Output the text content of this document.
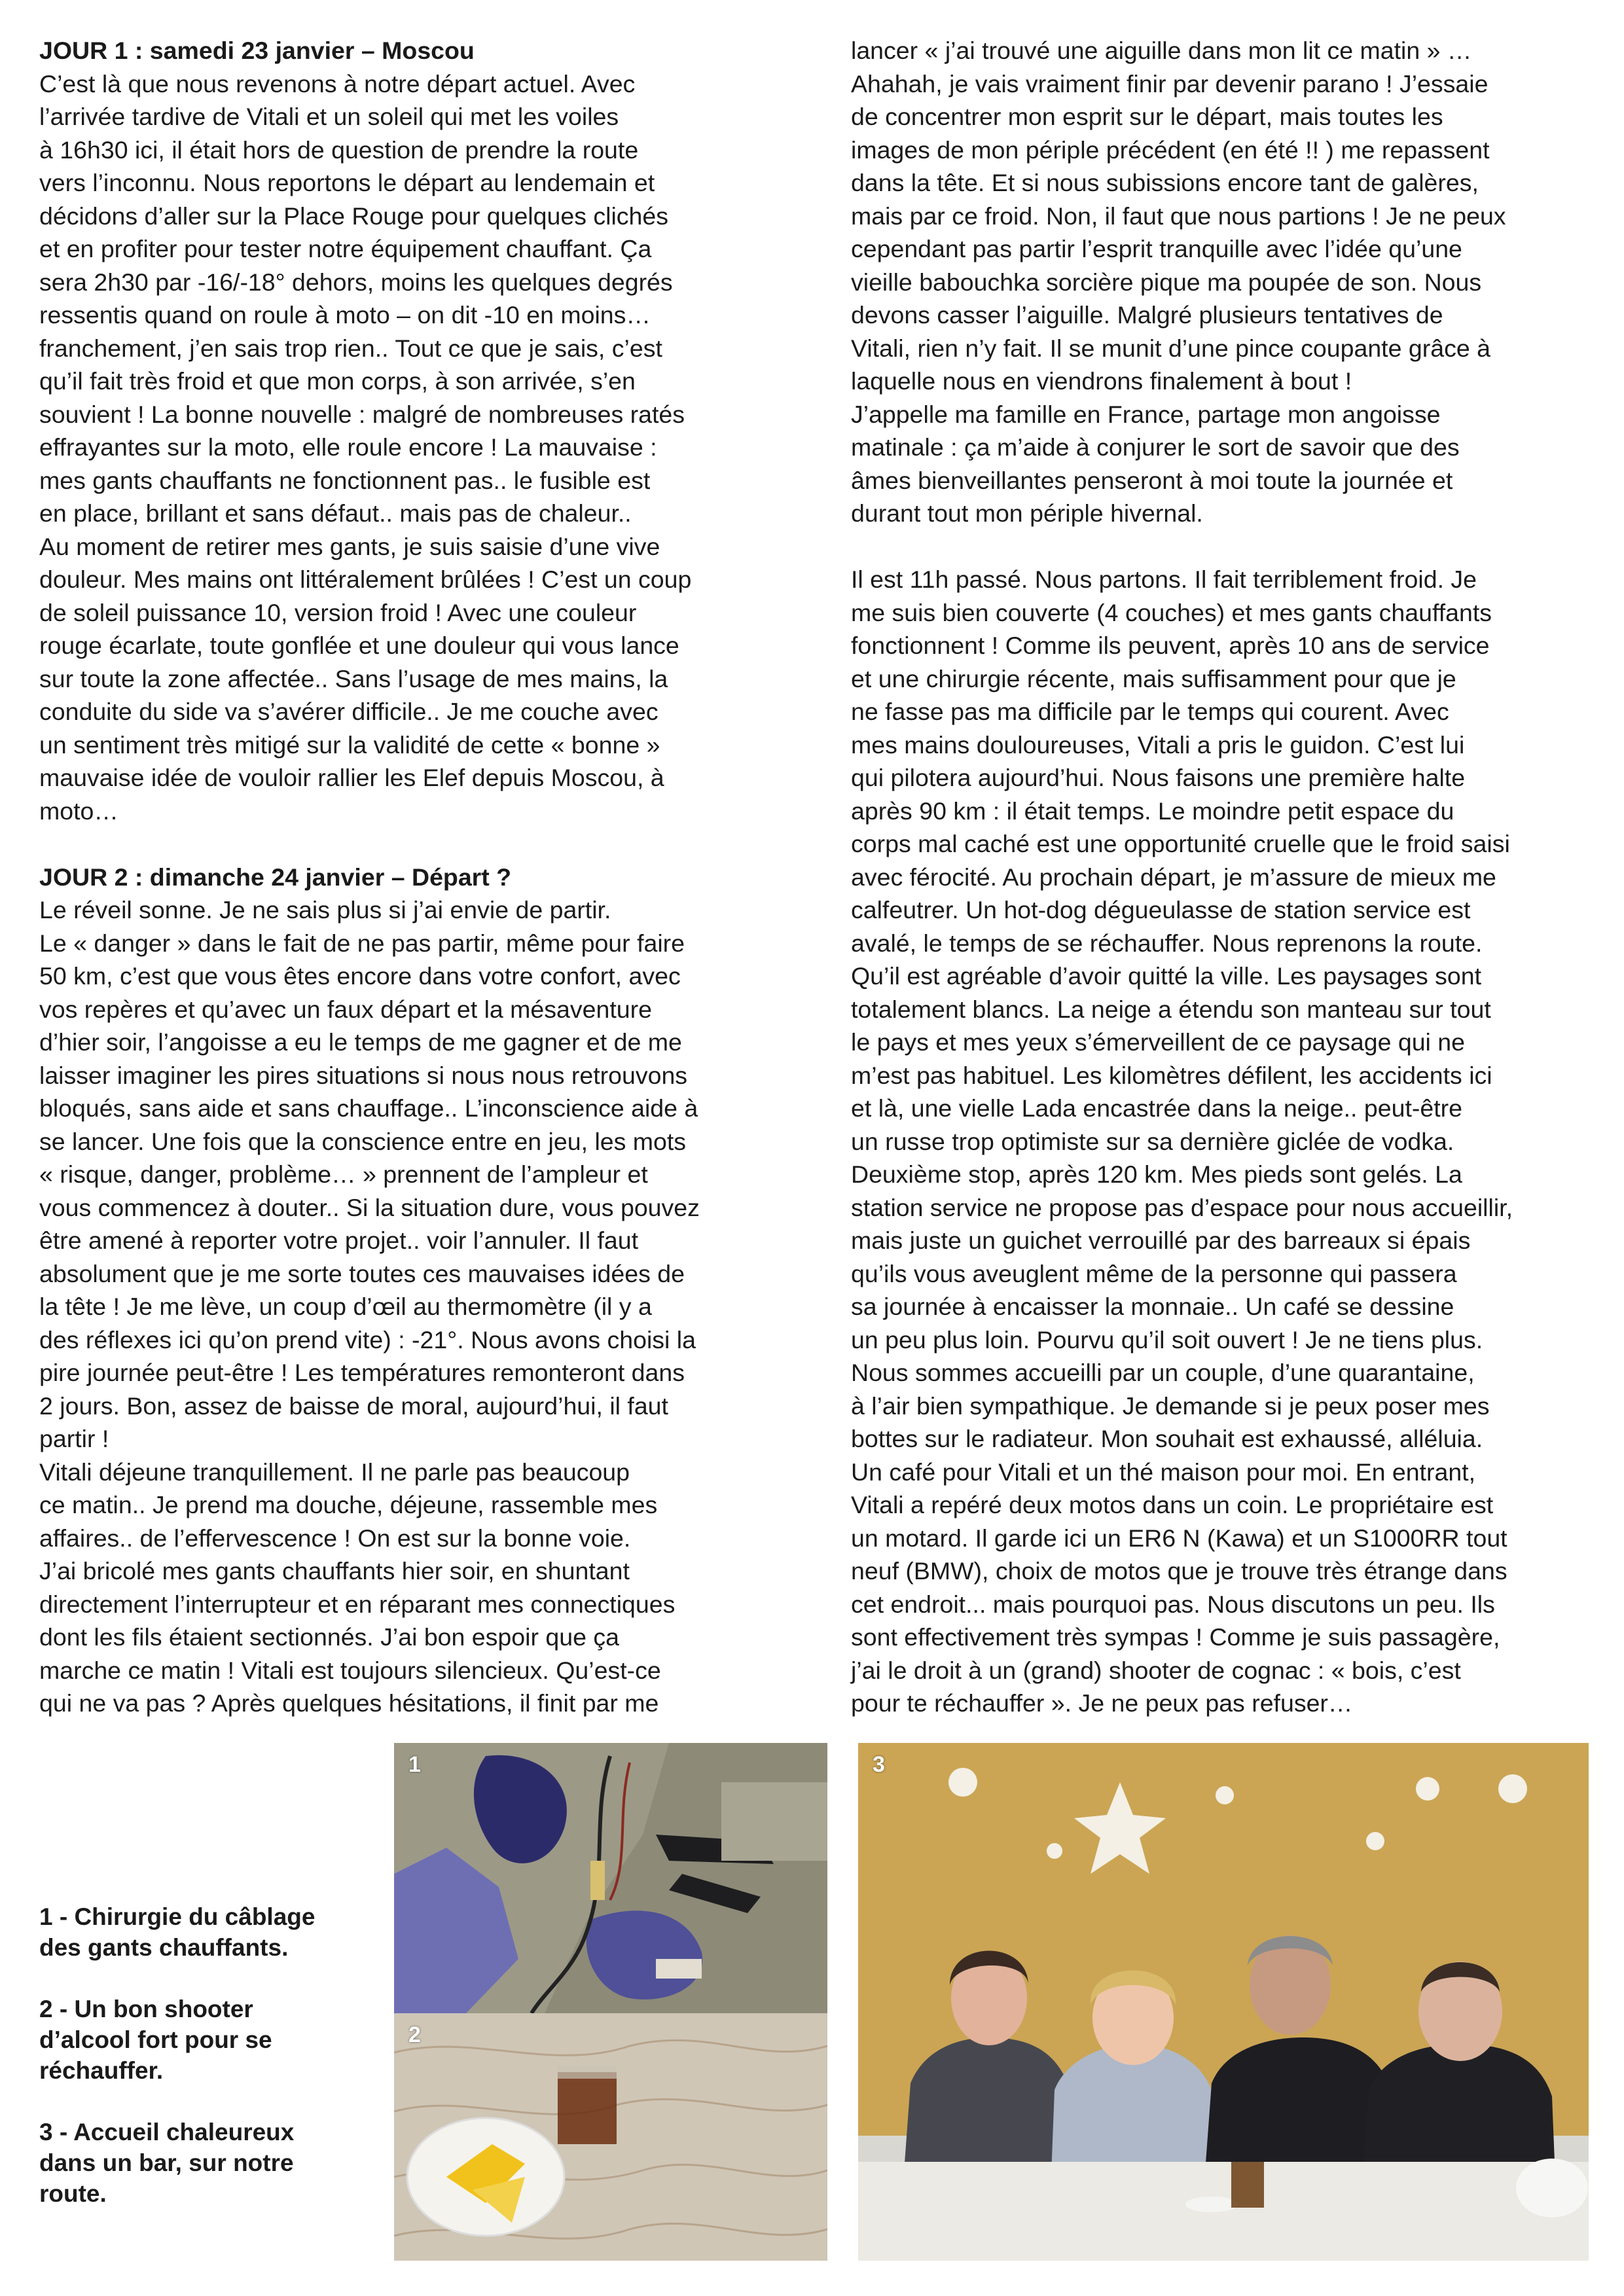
JOUR 1 : samedi 23 janvier – Moscou
C’est là que nous revenons à notre départ actuel. Avec
l’arrivée tardive de Vitali et un soleil qui met les voiles
à 16h30 ici, il était hors de question de prendre la route
vers l’inconnu. Nous reportons le départ au lendemain et
décidons d’aller sur la Place Rouge pour quelques clichés
et en profiter pour tester notre équipement chauffant. Ça
sera 2h30 par -16/-18° dehors, moins les quelques degrés
ressentis quand on roule à moto – on dit -10 en moins…
franchement, j’en sais trop rien.. Tout ce que je sais, c’est
qu’il fait très froid et que mon corps, à son arrivée, s’en
souvient ! La bonne nouvelle : malgré de nombreuses ratés
effrayantes sur la moto, elle roule encore ! La mauvaise :
mes gants chauffants ne fonctionnent pas.. le fusible est
en place, brillant et sans défaut.. mais pas de chaleur..
Au moment de retirer mes gants, je suis saisie d’une vive
douleur. Mes mains ont littéralement brûlées ! C’est un coup
de soleil puissance 10, version froid ! Avec une couleur
rouge écarlate, toute gonflée et une douleur qui vous lance
sur toute la zone affectée.. Sans l’usage de mes mains, la
conduite du side va s’avérer difficile.. Je me couche avec
un sentiment très mitigé sur la validité de cette « bonne »
mauvaise idée de vouloir rallier les Elef depuis Moscou, à
moto…
JOUR 2 : dimanche 24 janvier – Départ ?
Le réveil sonne. Je ne sais plus si j’ai envie de partir.
Le « danger » dans le fait de ne pas partir, même pour faire
50 km, c’est que vous êtes encore dans votre confort, avec
vos repères et qu’avec un faux départ et la mésaventure
d’hier soir, l’angoisse a eu le temps de me gagner et de me
laisser imaginer les pires situations si nous nous retrouvons
bloqués, sans aide et sans chauffage.. L’inconscience aide à
se lancer. Une fois que la conscience entre en jeu, les mots
« risque, danger, problème… » prennent de l’ampleur et
vous commencez à douter.. Si la situation dure, vous pouvez
être amené à reporter votre projet.. voir l’annuler. Il faut
absolument que je me sorte toutes ces mauvaises idées de
la tête ! Je me lève, un coup d’œil au thermomètre (il y a
des réflexes ici qu’on prend vite) : -21°. Nous avons choisi la
pire journée peut-être ! Les températures remonteront dans
2 jours. Bon, assez de baisse de moral, aujourd’hui, il faut
partir !
Vitali déjeune tranquillement. Il ne parle pas beaucoup
ce matin.. Je prend ma douche, déjeune, rassemble mes
affaires.. de l’effervescence ! On est sur la bonne voie.
J’ai bricolé mes gants chauffants hier soir, en shuntant
directement l’interrupteur et en réparant mes connectiques
dont les fils étaient sectionnés. J’ai bon espoir que ça
marche ce matin ! Vitali est toujours silencieux. Qu’est-ce
qui ne va pas ? Après quelques hésitations, il finit par me
lancer « j’ai trouvé une aiguille dans mon lit ce matin » …
Ahahah, je vais vraiment finir par devenir parano ! J’essaie
de concentrer mon esprit sur le départ, mais toutes les
images de mon périple précédent (en été !! ) me repassent
dans la tête. Et si nous subissions encore tant de galères,
mais par ce froid. Non, il faut que nous partions ! Je ne peux
cependant pas partir l’esprit tranquille avec l’idée qu’une
vieille babouchka sorcière pique ma poupée de son. Nous
devons casser l’aiguille. Malgré plusieurs tentatives de
Vitali, rien n’y fait. Il se munit d’une pince coupante grâce à
laquelle nous en viendrons finalement à bout !
J’appelle ma famille en France, partage mon angoisse
matinale : ça m’aide à conjurer le sort de savoir que des
âmes bienveillantes penseront à moi toute la journée et
durant tout mon périple hivernal.
Il est 11h passé. Nous partons. Il fait terriblement froid. Je
me suis bien couverte (4 couches) et mes gants chauffants
fonctionnent ! Comme ils peuvent, après 10 ans de service
et une chirurgie récente, mais suffisamment pour que je
ne fasse pas ma difficile par le temps qui courent. Avec
mes mains douloureuses, Vitali a pris le guidon. C’est lui
qui pilotera aujourd’hui. Nous faisons une première halte
après 90 km : il était temps. Le moindre petit espace du
corps mal caché est une opportunité cruelle que le froid saisi
avec férocité. Au prochain départ, je m’assure de mieux me
calfeutrer. Un hot-dog dégueulasse de station service est
avalé, le temps de se réchauffer. Nous reprenons la route.
Qu’il est agréable d’avoir quitté la ville. Les paysages sont
totalement blancs. La neige a étendu son manteau sur tout
le pays et mes yeux s’émerveillent de ce paysage qui ne
m’est pas habituel. Les kilomètres défilent, les accidents ici
et là, une vielle Lada encastrée dans la neige.. peut-être
un russe trop optimiste sur sa dernière giclée de vodka.
Deuxième stop, après 120 km. Mes pieds sont gelés. La
station service ne propose pas d’espace pour nous accueillir,
mais juste un guichet verrouillé par des barreaux si épais
qu’ils vous aveuglent même de la personne qui passera
sa journée à encaisser la monnaie.. Un café se dessine
un peu plus loin. Pourvu qu’il soit ouvert ! Je ne tiens plus.
Nous sommes accueilli par un couple, d’une quarantaine,
à l’air bien sympathique. Je demande si je peux poser mes
bottes sur le radiateur. Mon souhait est exhaussé, alléluia.
Un café pour Vitali et un thé maison pour moi. En entrant,
Vitali a repéré deux motos dans un coin. Le propriétaire est
un motard. Il garde ici un ER6 N (Kawa) et un S1000RR tout
neuf (BMW), choix de motos que je trouve très étrange dans
cet endroit... mais pourquoi pas. Nous discutons un peu. Ils
sont effectivement très sympas ! Comme je suis passagère,
j’ai le droit à un (grand) shooter de cognac : « bois, c’est
pour te réchauffer ». Je ne peux pas refuser…
1
2
3
1 - Chirurgie du câblage
des gants chauffants.
2 - Un bon shooter
d’alcool fort pour se
réchauffer.
3 - Accueil chaleureux
dans un bar, sur notre
route.
